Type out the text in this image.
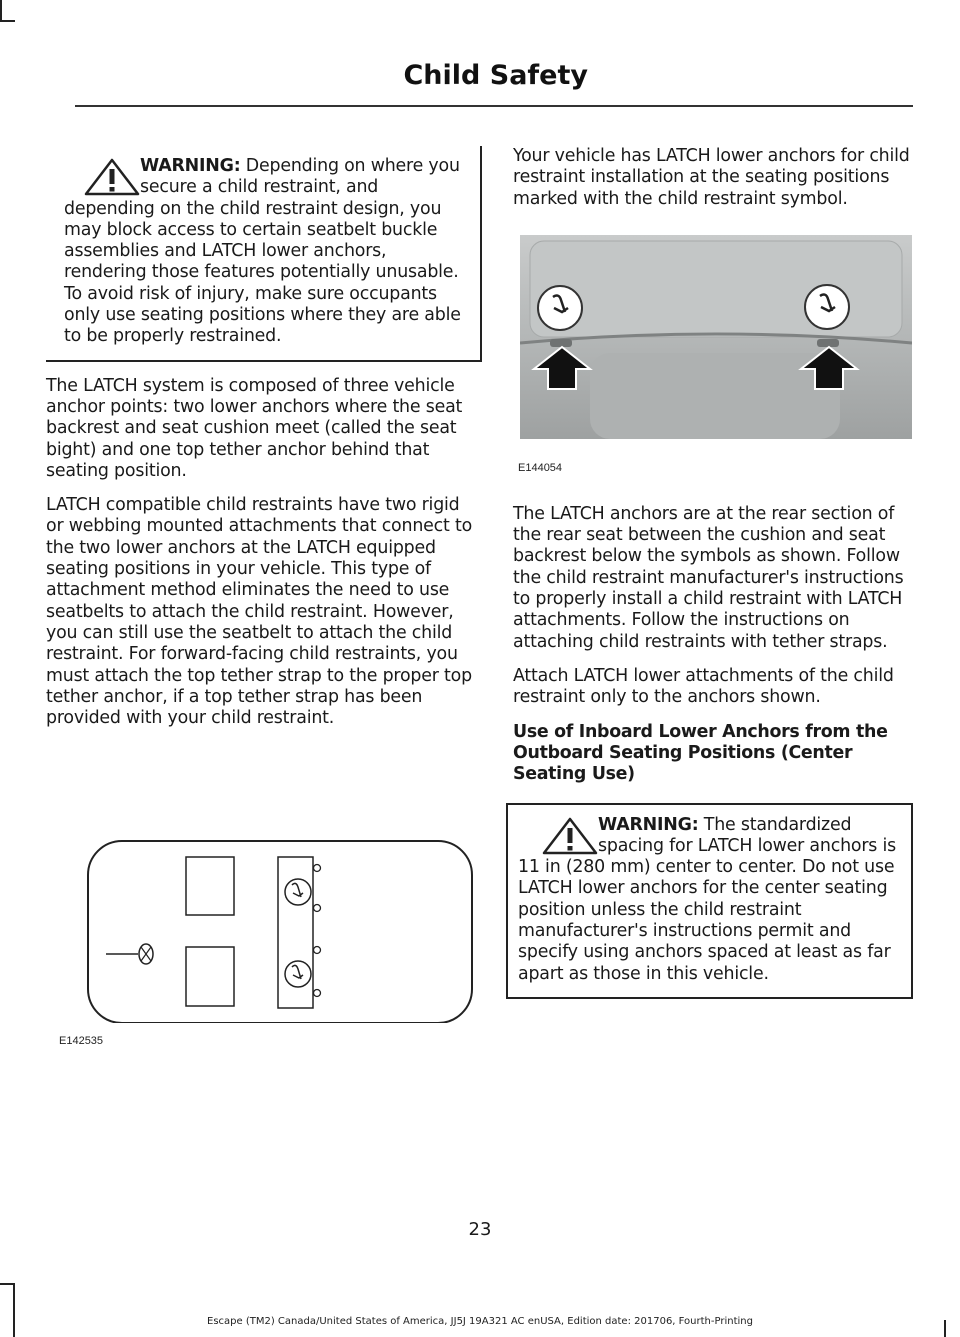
Child Safety
WARNING: Depending on where you secure a child restraint, and depending on the child restraint design, you may block access to certain seatbelt buckle assemblies and LATCH lower anchors, rendering those features potentially unusable. To avoid risk of injury, make sure occupants only use seating positions where they are able to be properly restrained.

The LATCH system is composed of three vehicle anchor points: two lower anchors where the seat backrest and seat cushion meet (called the seat bight) and one top tether anchor behind that seating position.

LATCH compatible child restraints have two rigid or webbing mounted attachments that connect to the two lower anchors at the LATCH equipped seating positions in your vehicle. This type of attachment method eliminates the need to use seatbelts to attach the child restraint. However, you can still use the seatbelt to attach the child restraint. For forward-facing child restraints, you must attach the top tether strap to the proper top tether anchor, if a top tether strap has been provided with your child restraint.

E142535

Your vehicle has LATCH lower anchors for child restraint installation at the seating positions marked with the child restraint symbol.

E144054

The LATCH anchors are at the rear section of the rear seat between the cushion and seat backrest below the symbols as shown. Follow the child restraint manufacturer's instructions to properly install a child restraint with LATCH attachments. Follow the instructions on attaching child restraints with tether straps.

Attach LATCH lower attachments of the child restraint only to the anchors shown.

Use of Inboard Lower Anchors from the Outboard Seating Positions (Center Seating Use)
WARNING: The standardized spacing for LATCH lower anchors is 11 in (280 mm) center to center. Do not use LATCH lower anchors for the center seating position unless the child restraint manufacturer's instructions permit and specify using anchors spaced at least as far apart as those in this vehicle.
23
Escape (TM2) Canada/United States of America, JJ5J 19A321 AC enUSA, Edition date: 201706, Fourth-Printing
